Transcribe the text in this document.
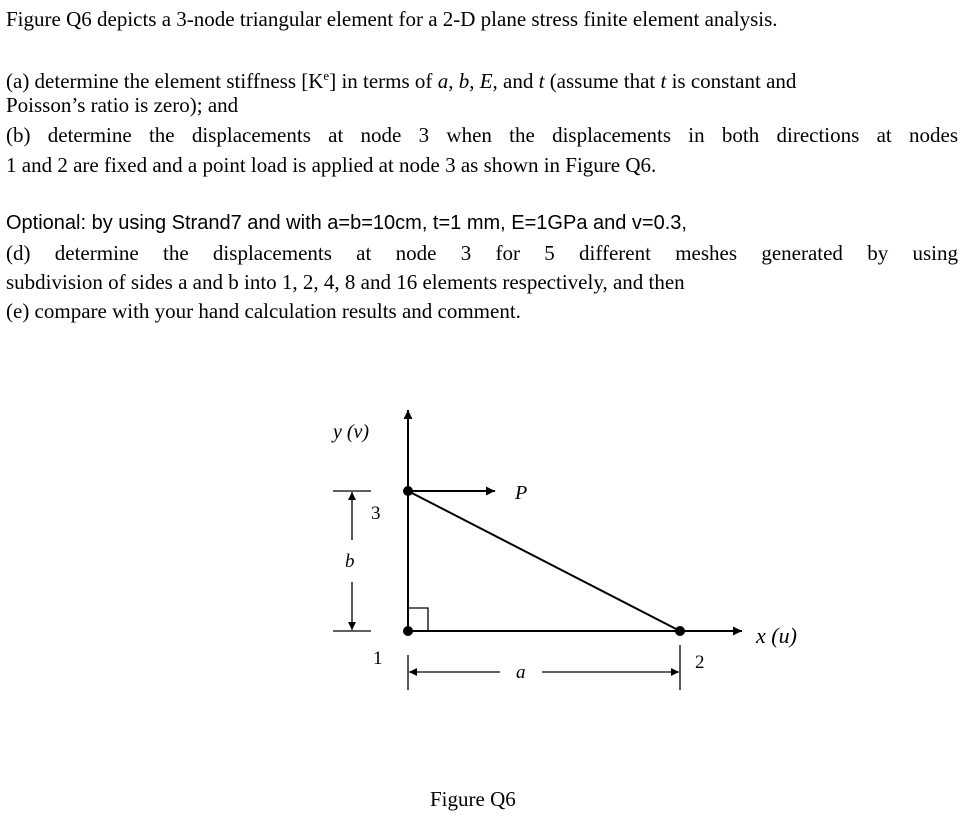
Figure Q6 depicts a 3-node triangular element for a 2-D plane stress finite element analysis.
(a) determine the element stiffness $[K^e]$ in terms of a, b, E, and t (assume that t is constant and
Poisson’s ratio is zero); and
(b) determine the displacements at node 3 when the displacements in both directions at nodes
1 and 2 are fixed and a point load is applied at node 3 as shown in Figure Q6.
Optional: by using Strand7 and with a=b=10cm, t=1 mm, E=1GPa and v=0.3,
(d) determine the displacements at node 3 for 5 different meshes generated by using
subdivision of sides a and b into 1, 2, 4, 8 and 16 elements respectively, and then
(e) compare with your hand calculation results and comment.
y (v)
x (u)
P
1	2
3
b
a
Figure Q6
